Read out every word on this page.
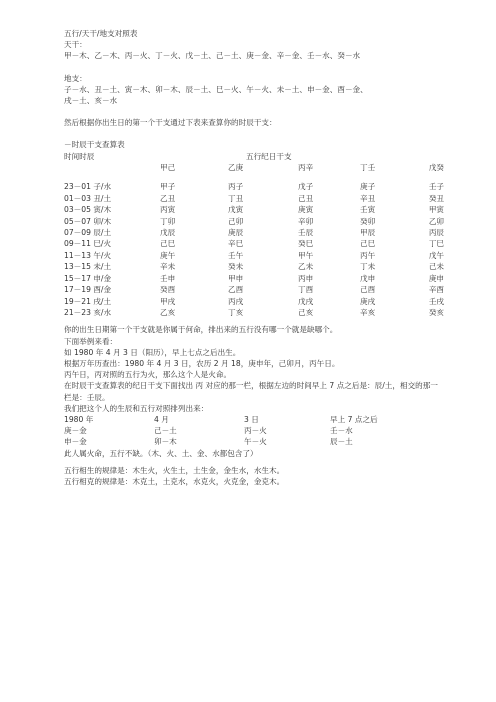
五行/天干/地支对照表
天干：
甲－木、乙－木、丙－火、丁－火、戊－土、己－土、庚－金、辛－金、壬－水、癸－水
地支：
子－水、丑－土、寅－木、卯－木、辰－土、巳－火、午－火、未－土、申－金、酉－金、
戌－土、亥－水
然后根据你出生日的第一个干支通过下表来查算你的时辰干支：
－时辰干支查算表
时间时辰	五行纪日干支				
	甲己	乙庚	丙辛	丁壬	戊癸

23－01 子/水	甲子	丙子	戊子	庚子	壬子
01－03 丑/土	乙丑	丁丑	己丑	辛丑	癸丑
03－05 寅/木	丙寅	戊寅	庚寅	壬寅	甲寅
05－07 卯/木	丁卯	己卯	辛卯	癸卯	乙卯
07－09 辰/土	戊辰	庚辰	壬辰	甲辰	丙辰
09－11 巳/火	己巳	辛巳	癸巳	己巳	丁巳
11－13 午/火	庚午	壬午	甲午	丙午	戊午
13－15 未/土	辛未	癸未	乙未	丁未	己未
15－17 申/金	壬申	甲申	丙申	戊申	庚申
17－19 酉/金	癸酉	乙酉	丁酉	己酉	辛酉
19－21 戌/土	甲戌	丙戌	戊戌	庚戌	壬戌
21－23 亥/水	乙亥	丁亥	己亥	辛亥	癸亥
你的出生日期第一个干支就是你属于何命，排出来的五行没有哪一个就是缺哪个。
下面举例来看：
如 1980 年 4 月 3 日（阳历），早上七点之后出生。
根据万年历查出：1980 年 4 月 3 日，农历 2 月 18，庚申年，己卯月，丙午日。
丙午日，丙对照的五行为火，那么这个人是火命。
在时辰干支查算表的纪日干支下面找出 丙 对应的那一栏，根据左边的时间早上 7 点之后是：辰/土，相交的那一栏是：壬辰。
我们把这个人的生辰和五行对照排列出来：
1980 年	4 月	3 日	早上 7 点之后
庚－金	己－土	丙－火	壬－水
申－金	卯－木	午－火	辰－土
此人属火命，五行不缺。（木、火、土、金、水都包含了）
五行相生的规律是：木生火，火生土，土生金，金生水，水生木。
五行相克的规律是：木克土，土克水，水克火，火克金，金克木。
